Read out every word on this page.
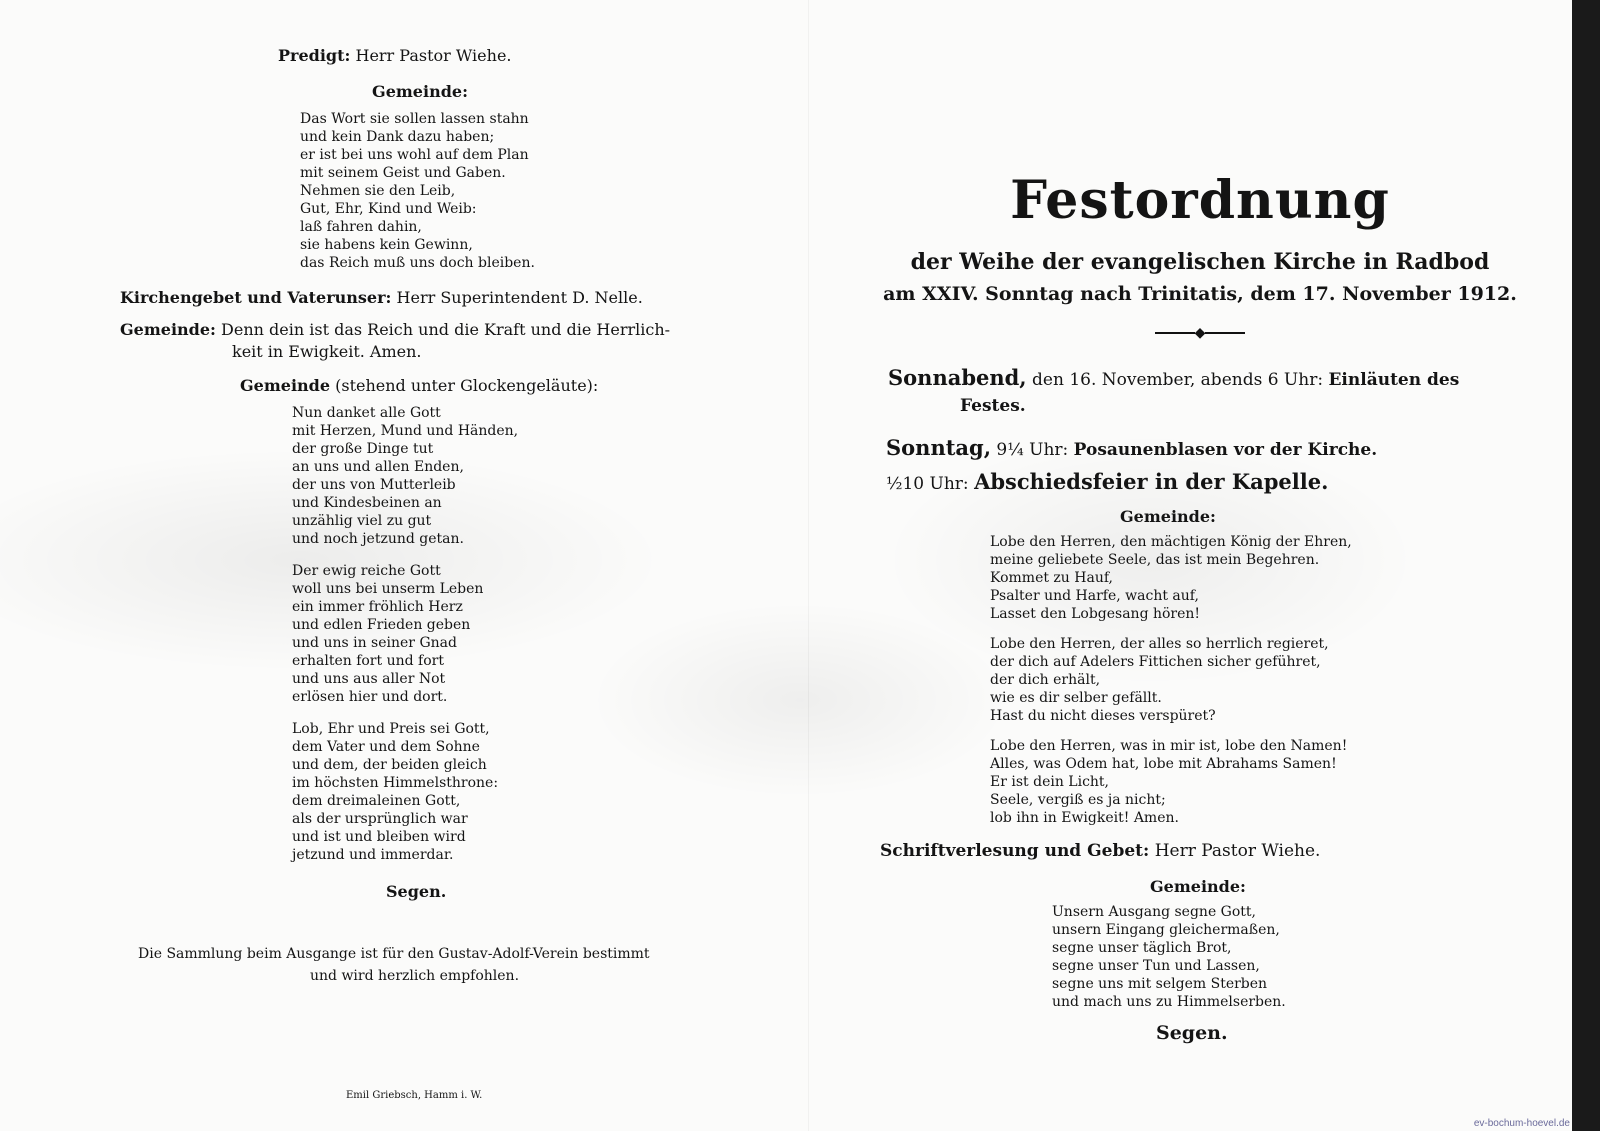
Predigt: Herr Pastor Wiehe.

Gemeinde:

Das Wort sie sollen lassen stahn
und kein Dank dazu haben;
er ist bei uns wohl auf dem Plan
mit seinem Geist und Gaben.
Nehmen sie den Leib,
Gut, Ehr, Kind und Weib:
laß fahren dahin,
sie habens kein Gewinn,
das Reich muß uns doch bleiben.

Kirchengebet und Vaterunser: Herr Superintendent D. Nelle.

Gemeinde: Denn dein ist das Reich und die Kraft und die Herrlich-

keit in Ewigkeit. Amen.

Gemeinde (stehend unter Glockengeläute):

Nun danket alle Gott
mit Herzen, Mund und Händen,
der große Dinge tut
an uns und allen Enden,
der uns von Mutterleib
und Kindesbeinen an
unzählig viel zu gut
und noch jetzund getan.
Der ewig reiche Gott
woll uns bei unserm Leben
ein immer fröhlich Herz
und edlen Frieden geben
und uns in seiner Gnad
erhalten fort und fort
und uns aus aller Not
erlösen hier und dort.
Lob, Ehr und Preis sei Gott,
dem Vater und dem Sohne
und dem, der beiden gleich
im höchsten Himmelsthrone:
dem dreimaleinen Gott,
als der ursprünglich war
und ist und bleiben wird
jetzund und immerdar.

Segen.

Die Sammlung beim Ausgange ist für den Gustav-Adolf-Verein bestimmt

und wird herzlich empfohlen.

Emil Griebsch, Hamm i. W.

Festordnung

der Weihe der evangelischen Kirche in Radbod

am XXIV. Sonntag nach Trinitatis, dem 17. November 1912.

◆

Sonnabend, den 16. November, abends 6 Uhr: Einläuten des

Festes.

Sonntag, 9¼ Uhr: Posaunenblasen vor der Kirche.

½10 Uhr: Abschiedsfeier in der Kapelle.

Gemeinde:

Lobe den Herren, den mächtigen König der Ehren,
meine geliebete Seele, das ist mein Begehren.
Kommet zu Hauf,
Psalter und Harfe, wacht auf,
Lasset den Lobgesang hören!
Lobe den Herren, der alles so herrlich regieret,
der dich auf Adelers Fittichen sicher geführet,
der dich erhält,
wie es dir selber gefällt.
Hast du nicht dieses verspüret?
Lobe den Herren, was in mir ist, lobe den Namen!
Alles, was Odem hat, lobe mit Abrahams Samen!
Er ist dein Licht,
Seele, vergiß es ja nicht;
lob ihn in Ewigkeit! Amen.

Schriftverlesung und Gebet: Herr Pastor Wiehe.

Gemeinde:

Unsern Ausgang segne Gott,
unsern Eingang gleichermaßen,
segne unser täglich Brot,
segne unser Tun und Lassen,
segne uns mit selgem Sterben
und mach uns zu Himmelserben.

Segen.

ev-bochum-hoevel.de
